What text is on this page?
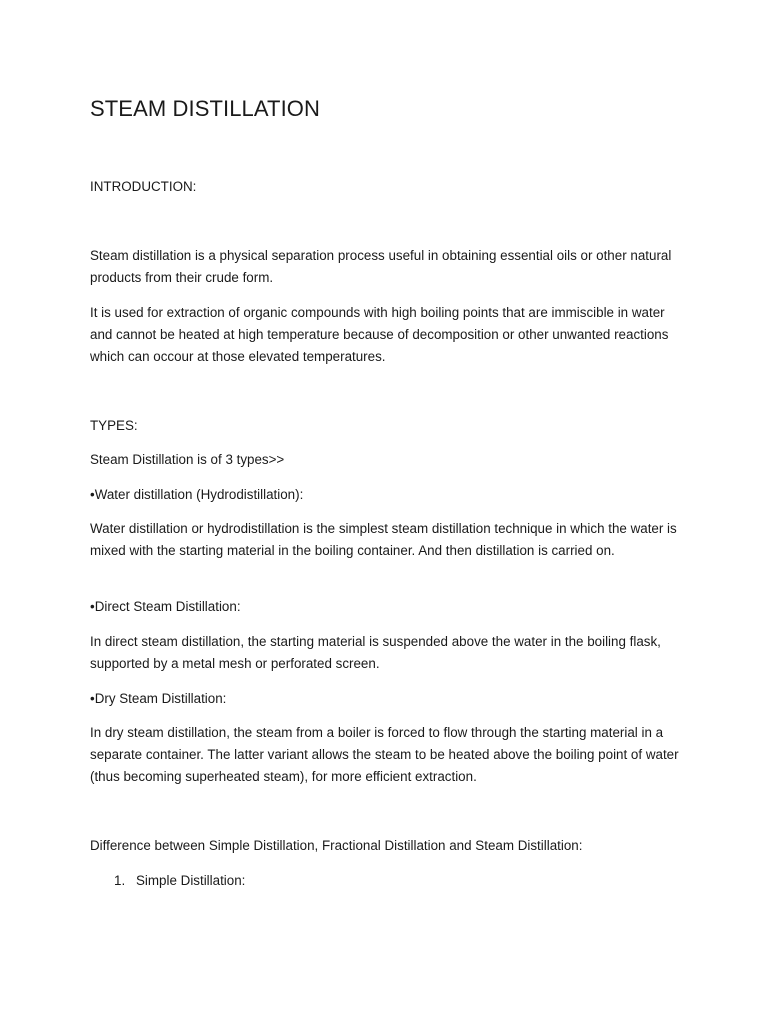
STEAM DISTILLATION

INTRODUCTION:

Steam distillation is a physical separation process useful in obtaining essential oils or other natural products from their crude form.

It is used for extraction of organic compounds with high boiling points that are immiscible in water and cannot be heated at high temperature because of decomposition or other unwanted reactions which can occour at those elevated temperatures.

TYPES:

Steam Distillation is of 3 types>>

•Water distillation (Hydrodistillation):

Water distillation or hydrodistillation is the simplest steam distillation technique in which the water is mixed with the starting material in the boiling container. And then distillation is carried on.

•Direct Steam Distillation:

In direct steam distillation, the starting material is suspended above the water in the boiling flask, supported by a metal mesh or perforated screen.

•Dry Steam Distillation:

In dry steam distillation, the steam from a boiler is forced to flow through the starting material in a separate container. The latter variant allows the steam to be heated above the boiling point of water (thus becoming superheated steam), for more efficient extraction.

Difference between Simple Distillation, Fractional Distillation and Steam Distillation:

1. Simple Distillation:
